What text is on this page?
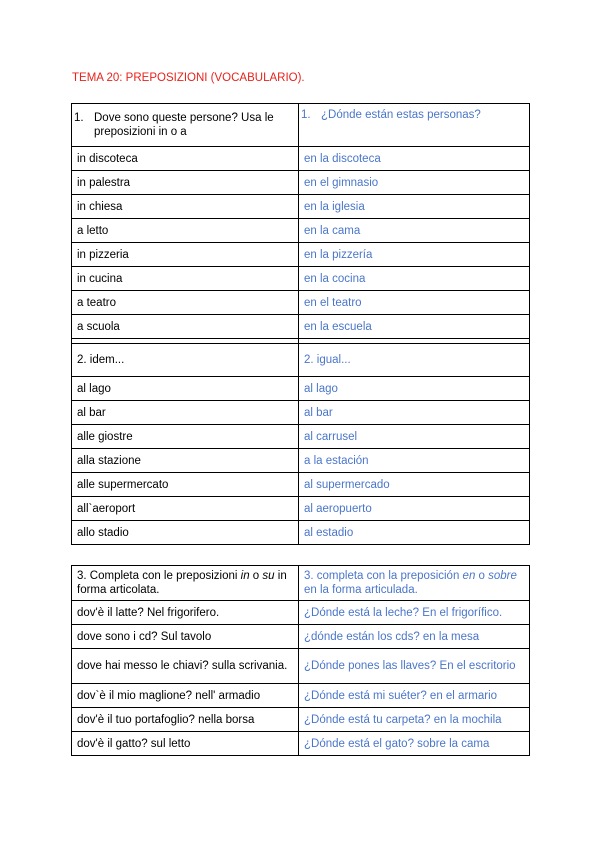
TEMA 20: PREPOSIZIONI (VOCABULARIO).
1. Dove sono queste persone? Usa le preposizioni in o a	1. ¿Dónde están estas personas?
in discoteca	en la discoteca
in palestra	en el gimnasio
in chiesa	en la iglesia
a letto	en la cama
in pizzeria	en la pizzería
in cucina	en la cocina
a teatro	en el teatro
a scuola	en la escuela

2. idem...	2. igual...
al lago	al lago
al bar	al bar
alle giostre	al carrusel
alla stazione	a la estación
alle supermercato	al supermercado
all`aeroport	al aeropuerto
allo stadio	al estadio
3. Completa con le preposizioni in o su in forma articolata.	3. completa con la preposición en o sobre en la forma articulada.
dov'è il latte? Nel frigorifero.	¿Dónde está la leche? En el frigorífico.
dove sono i cd? Sul tavolo	¿dónde están los cds? en la mesa
dove hai messo le chiavi? sulla scrivania.	¿Dónde pones las llaves? En el escritorio
dov`è il mio maglione? nell' armadio	¿Dónde está mi suéter? en el armario
dov'è il tuo portafoglio? nella borsa	¿Dónde está tu carpeta? en la mochila
dov'è il gatto? sul letto	¿Dónde está el gato? sobre la cama
